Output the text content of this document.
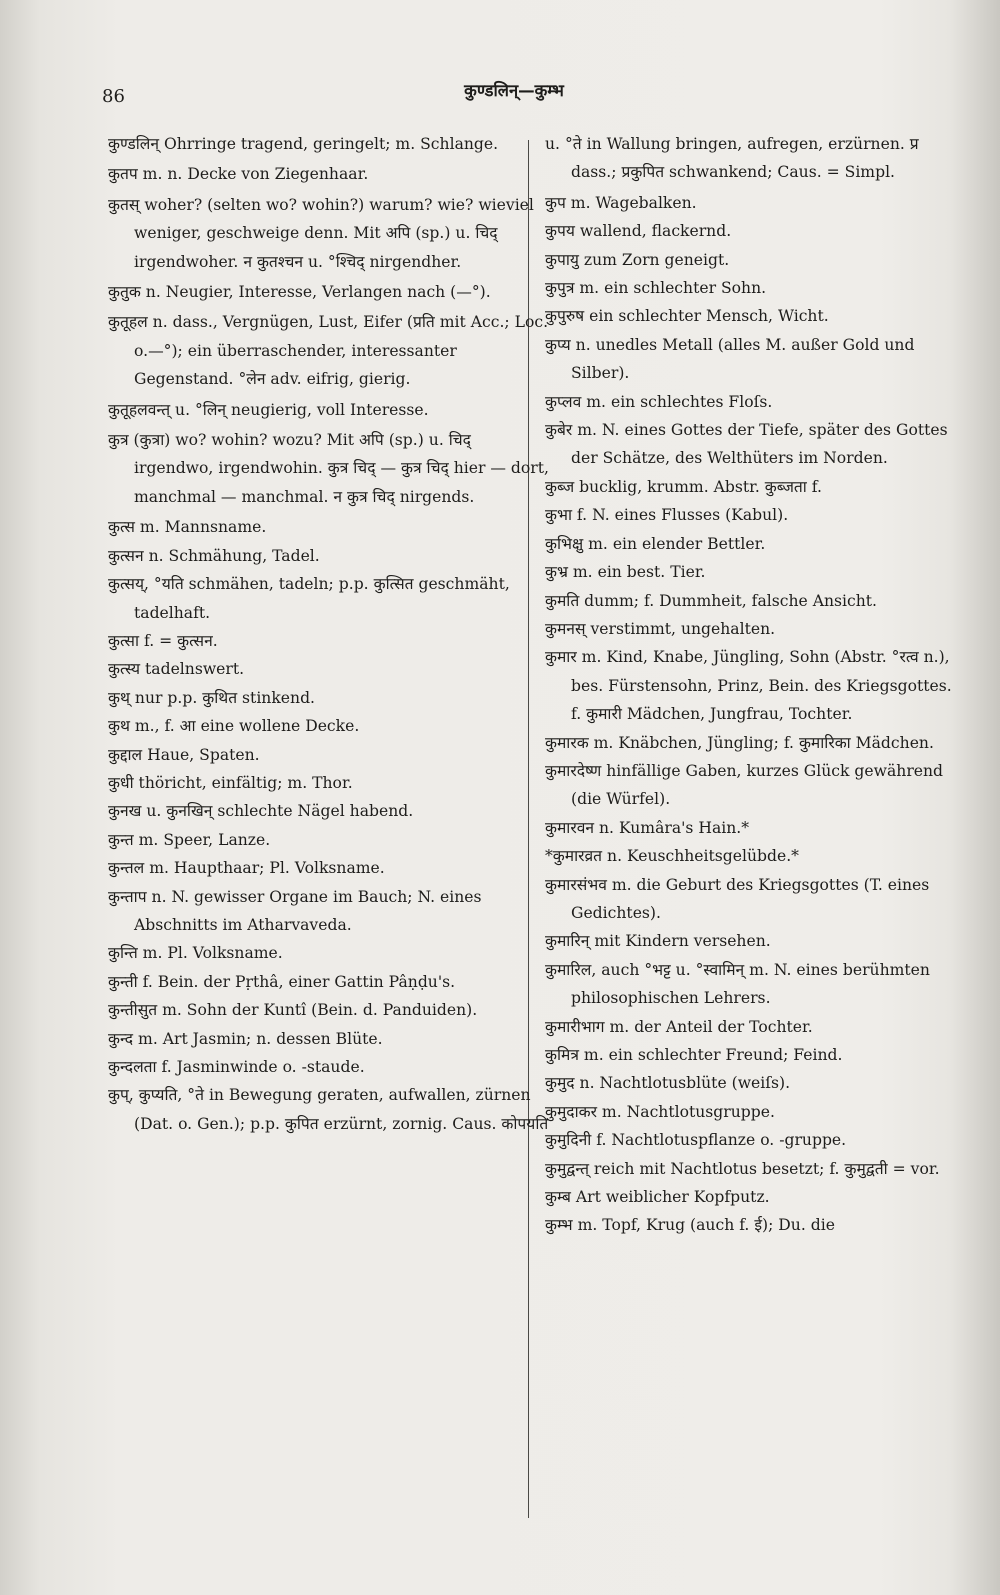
86	कुण्डलिन्—कुम्भ

कुण्डलिन् Ohrringe tragend, geringelt; m. Schlange.

कुतप m. n. Decke von Ziegenhaar.

कुतस् woher? (selten wo? wohin?) warum? wie? wieviel weniger, geschweige denn. Mit अपि (sp.) u. चिद् irgendwoher. न कुतश्चन u. °श्चिद् nirgendher.

कुतुक n. Neugier, Interesse, Verlangen nach (—°).

कुतूहल n. dass., Vergnügen, Lust, Eifer (प्रति mit Acc.; Loc. o.—°); ein überraschender, interessanter Gegenstand. °लेन adv. eifrig, gierig.

कुतूहलवन्त् u. °लिन् neugierig, voll Interesse.

कुत्र (कुत्रा) wo? wohin? wozu? Mit अपि (sp.) u. चिद् irgendwo, irgendwohin. कुत्र चिद् — कुत्र चिद् hier — dort, manchmal — manchmal. न कुत्र चिद् nirgends.

कुत्स m. Mannsname.

कुत्सन n. Schmähung, Tadel.

कुत्सय्, °यति schmähen, tadeln; p.p. कुत्सित geschmäht, tadelhaft.

कुत्सा f. = कुत्सन.

कुत्स्य tadelnswert.

कुथ् nur p.p. कुथित stinkend.

कुथ m., f. आ eine wollene Decke.

कुद्दाल Haue, Spaten.

कुधी thöricht, einfältig; m. Thor.

कुनख u. कुनखिन् schlechte Nägel habend.

कुन्त m. Speer, Lanze.

कुन्तल m. Haupthaar; Pl. Volksname.

कुन्ताप n. N. gewisser Organe im Bauch; N. eines Abschnitts im Atharvaveda.

कुन्ति m. Pl. Volksname.

कुन्ती f. Bein. der Pṛthâ, einer Gattin Pâṇḍu's.

कुन्तीसुत m. Sohn der Kuntî (Bein. d. Panduiden).

कुन्द m. Art Jasmin; n. dessen Blüte.

कुन्दलता f. Jasminwinde o. -staude.

कुप्, कुप्यति, °ते in Bewegung geraten, aufwallen, zürnen (Dat. o. Gen.); p.p. कुपित erzürnt, zornig. Caus. कोपयति

u. °ते in Wallung bringen, aufregen, erzürnen. प्र dass.; प्रकुपित schwankend; Caus. = Simpl.

कुप m. Wagebalken.

कुपय wallend, flackernd.

कुपायु zum Zorn geneigt.

कुपुत्र m. ein schlechter Sohn.

कुपुरुष ein schlechter Mensch, Wicht.

कुप्य n. unedles Metall (alles M. außer Gold und Silber).

कुप्लव m. ein schlechtes Floſs.

कुबेर m. N. eines Gottes der Tiefe, später des Gottes der Schätze, des Welthüters im Norden.

कुब्ज bucklig, krumm. Abstr. कुब्जता f.

कुभा f. N. eines Flusses (Kabul).

कुभिक्षु m. ein elender Bettler.

कुभ्र m. ein best. Tier.

कुमति dumm; f. Dummheit, falsche Ansicht.

कुमनस् verstimmt, ungehalten.

कुमार m. Kind, Knabe, Jüngling, Sohn (Abstr. °रत्व n.), bes. Fürstensohn, Prinz, Bein. des Kriegsgottes. f. कुमारी Mädchen, Jungfrau, Tochter.

कुमारक m. Knäbchen, Jüngling; f. कुमारिका Mädchen.

कुमारदेष्ण hinfällige Gaben, kurzes Glück gewährend (die Würfel).

कुमारवन n. Kumâra's Hain.*

*कुमारव्रत n. Keuschheitsgelübde.*

कुमारसंभव m. die Geburt des Kriegsgottes (T. eines Gedichtes).

कुमारिन् mit Kindern versehen.

कुमारिल, auch °भट्ट u. °स्वामिन् m. N. eines berühmten philosophischen Lehrers.

कुमारीभाग m. der Anteil der Tochter.

कुमित्र m. ein schlechter Freund; Feind.

कुमुद n. Nachtlotusblüte (weiſs).

कुमुदाकर m. Nachtlotusgruppe.

कुमुदिनी f. Nachtlotuspflanze o. -gruppe.

कुमुद्वन्त् reich mit Nachtlotus besetzt; f. कुमुद्वती = vor.

कुम्ब Art weiblicher Kopfputz.

कुम्भ m. Topf, Krug (auch f. ई); Du. die
